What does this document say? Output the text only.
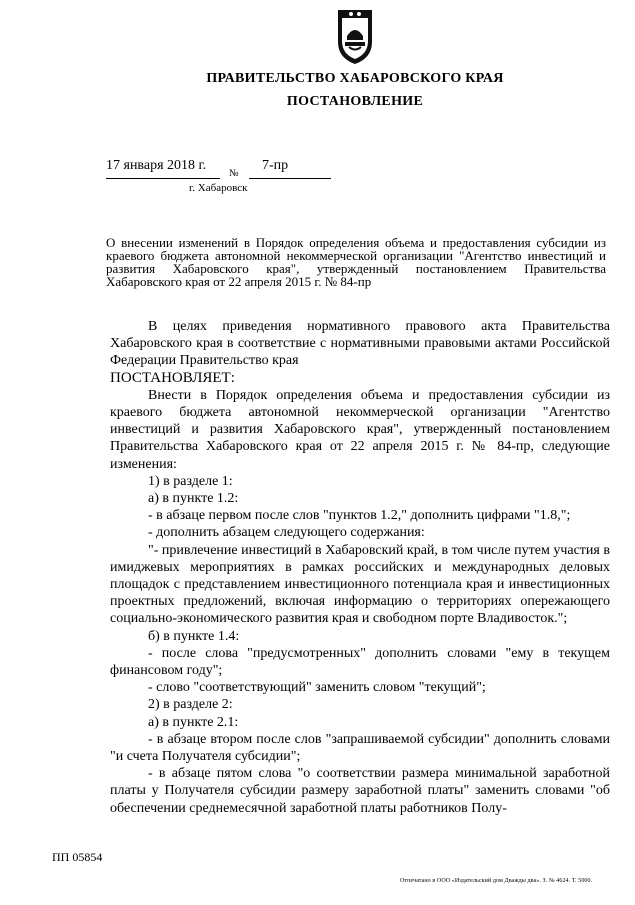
ПРАВИТЕЛЬСТВО ХАБАРОВСКОГО КРАЯ
ПОСТАНОВЛЕНИЕ
17 января 2018 г.
№
7-пр
г. Хабаровск
О внесении изменений в Порядок определения объема и предоставления субсидии из краевого бюджета автономной некоммерческой организации "Агентство инвестиций и развития Хабаровского края", утвержденный постановлением Правительства Хабаровского края от 22 апреля 2015 г. № 84-пр

В целях приведения нормативного правового акта Правительства Хабаровского края в соответствие с нормативными правовыми актами Российской Федерации Правительство края

ПОСТАНОВЛЯЕТ:

Внести в Порядок определения объема и предоставления субсидии из краевого бюджета автономной некоммерческой организации "Агентство инвестиций и развития Хабаровского края", утвержденный постановлением Правительства Хабаровского края от 22 апреля 2015 г. № 84-пр, следующие изменения:

1) в разделе 1:

а) в пункте 1.2:

- в абзаце первом после слов "пунктов 1.2," дополнить цифрами "1.8,";

- дополнить абзацем следующего содержания:

"- привлечение инвестиций в Хабаровский край, в том числе путем участия в имиджевых мероприятиях в рамках российских и международных деловых площадок с представлением инвестиционного потенциала края и инвестиционных проектных предложений, включая информацию о территориях опережающего социально-экономического развития края и свободном порте Владивосток.";

б) в пункте 1.4:

- после слова "предусмотренных" дополнить словами "ему в текущем финансовом году";

- слово "соответствующий" заменить словом "текущий";

2) в разделе 2:

а) в пункте 2.1:

- в абзаце втором после слов "запрашиваемой субсидии" дополнить словами "и счета Получателя субсидии";

- в абзаце пятом слова "о соответствии размера минимальной заработной платы у Получателя субсидии размеру заработной платы" заменить словами "об обеспечении среднемесячной заработной платы работников Полу-

ПП 05854
Отпечатано в ООО «Издательский дом Дважды два». З. № 4624. Т. 5000.
